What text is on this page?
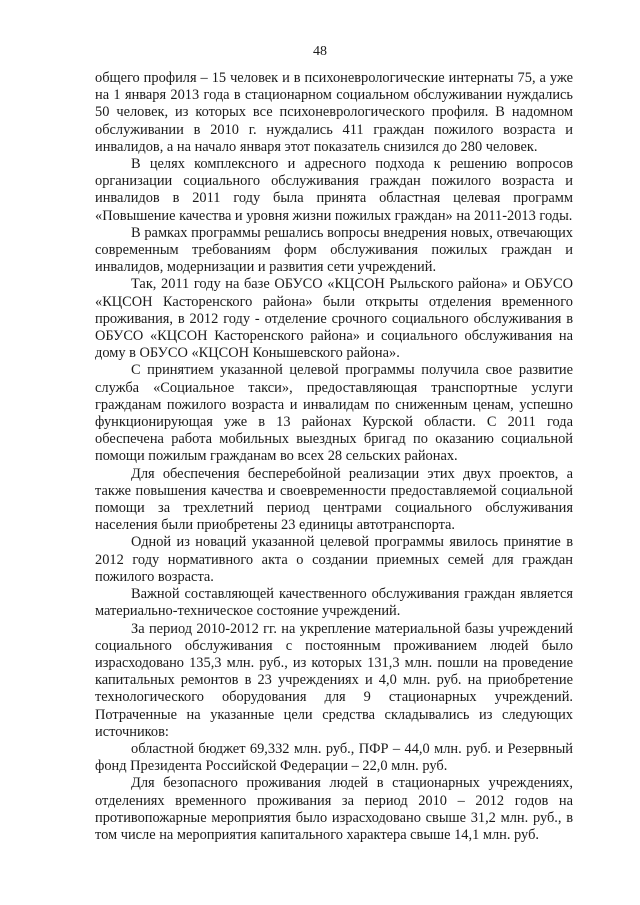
48

общего профиля – 15 человек и в психоневрологические интернаты 75, а уже на 1 января 2013 года в стационарном социальном обслуживании нуждались 50 человек, из которых все психоневрологического профиля. В надомном обслуживании в 2010 г. нуждались 411 граждан пожилого возраста и инвалидов, а на начало января этот показатель снизился до 280 человек.

В целях комплексного и адресного подхода к решению вопросов организации социального обслуживания граждан пожилого возраста и инвалидов в 2011 году была принята областная целевая программ «Повышение качества и уровня жизни пожилых граждан» на 2011-2013 годы.

В рамках программы решались вопросы внедрения новых, отвечающих современным требованиям форм обслуживания пожилых граждан и инвалидов, модернизации и развития сети учреждений.

Так, 2011 году на базе ОБУСО «КЦСОН Рыльского района» и ОБУСО «КЦСОН Касторенского района» были открыты отделения временного проживания, в 2012 году - отделение срочного социального обслуживания в ОБУСО «КЦСОН Касторенского района» и социального обслуживания на дому в ОБУСО «КЦСОН Конышевского района».

С принятием указанной целевой программы получила свое развитие служба «Социальное такси», предоставляющая транспортные услуги гражданам пожилого возраста и инвалидам по сниженным ценам, успешно функционирующая уже в 13 районах Курской области. С 2011 года обеспечена работа мобильных выездных бригад по оказанию социальной помощи пожилым гражданам во всех 28 сельских районах.

Для обеспечения бесперебойной реализации этих двух проектов, а также повышения качества и своевременности предоставляемой социальной помощи за трехлетний период центрами социального обслуживания населения были приобретены 23 единицы автотранспорта.

Одной из новаций указанной целевой программы явилось принятие в 2012 году нормативного акта о создании приемных семей для граждан пожилого возраста.

Важной составляющей качественного обслуживания граждан является материально-техническое состояние учреждений.

За период 2010-2012 гг. на укрепление материальной базы учреждений социального обслуживания с постоянным проживанием людей было израсходовано 135,3 млн. руб., из которых 131,3 млн. пошли на проведение капитальных ремонтов в 23 учреждениях и 4,0 млн. руб. на приобретение технологического оборудования для 9 стационарных учреждений. Потраченные на указанные цели средства складывались из следующих источников:

областной бюджет 69,332 млн. руб., ПФР – 44,0 млн. руб. и Резервный фонд Президента Российской Федерации – 22,0 млн. руб.

Для безопасного проживания людей в стационарных учреждениях, отделениях временного проживания за период 2010 – 2012 годов на противопожарные мероприятия было израсходовано свыше 31,2 млн. руб., в том числе на мероприятия капитального характера свыше 14,1 млн. руб.
